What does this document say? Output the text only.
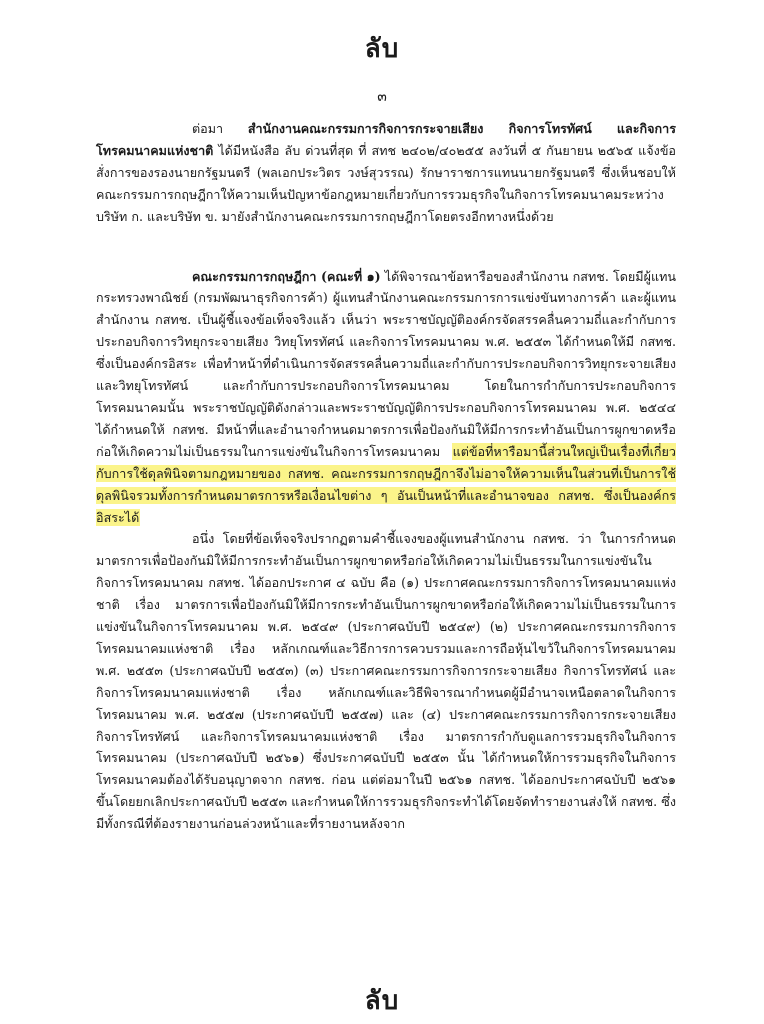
ลับ
๓

ต่อมา สำนักงานคณะกรรมการกิจการกระจายเสียง กิจการโทรทัศน์ และกิจการโทรคมนาคมแห่งชาติ ได้มีหนังสือ ลับ ด่วนที่สุด ที่ สทช ๒๔๐๒/๔๐๒๕๕ ลงวันที่ ๕ กันยายน ๒๕๖๕ แจ้งข้อสั่งการของรองนายกรัฐมนตรี (พลเอกประวิตร วงษ์สุวรรณ) รักษาราชการแทนนายกรัฐมนตรี ซึ่งเห็นชอบให้คณะกรรมการกฤษฎีกาให้ความเห็นปัญหาข้อกฎหมายเกี่ยวกับการรวมธุรกิจในกิจการโทรคมนาคมระหว่างบริษัท ก. และบริษัท ข. มายังสำนักงานคณะกรรมการกฤษฎีกาโดยตรงอีกทางหนึ่งด้วย

คณะกรรมการกฤษฎีกา (คณะที่ ๑) ได้พิจารณาข้อหารือของสำนักงาน กสทช. โดยมีผู้แทนกระทรวงพาณิชย์ (กรมพัฒนาธุรกิจการค้า) ผู้แทนสำนักงานคณะกรรมการการแข่งขันทางการค้า และผู้แทนสำนักงาน กสทช. เป็นผู้ชี้แจงข้อเท็จจริงแล้ว เห็นว่า พระราชบัญญัติองค์กรจัดสรรคลื่นความถี่และกำกับการประกอบกิจการวิทยุกระจายเสียง วิทยุโทรทัศน์ และกิจการโทรคมนาคม พ.ศ. ๒๕๕๓ ได้กำหนดให้มี กสทช. ซึ่งเป็นองค์กรอิสระ เพื่อทำหน้าที่ดำเนินการจัดสรรคลื่นความถี่และกำกับการประกอบกิจการวิทยุกระจายเสียงและวิทยุโทรทัศน์ และกำกับการประกอบกิจการโทรคมนาคม โดยในการกำกับการประกอบกิจการโทรคมนาคมนั้น พระราชบัญญัติดังกล่าวและพระราชบัญญัติการประกอบกิจการโทรคมนาคม พ.ศ. ๒๕๔๔ ได้กำหนดให้ กสทช. มีหน้าที่และอำนาจกำหนดมาตรการเพื่อป้องกันมิให้มีการกระทำอันเป็นการผูกขาดหรือก่อให้เกิดความไม่เป็นธรรมในการแข่งขันในกิจการโทรคมนาคม แต่ข้อที่หารือมานี้ส่วนใหญ่เป็นเรื่องที่เกี่ยวกับการใช้ดุลพินิจตามกฎหมายของ กสทช. คณะกรรมการกฤษฎีกาจึงไม่อาจให้ความเห็นในส่วนที่เป็นการใช้ดุลพินิจรวมทั้งการกำหนดมาตรการหรือเงื่อนไขต่าง ๆ อันเป็นหน้าที่และอำนาจของ กสทช. ซึ่งเป็นองค์กรอิสระได้

อนึ่ง โดยที่ข้อเท็จจริงปรากฏตามคำชี้แจงของผู้แทนสำนักงาน กสทช. ว่า ในการกำหนดมาตรการเพื่อป้องกันมิให้มีการกระทำอันเป็นการผูกขาดหรือก่อให้เกิดความไม่เป็นธรรมในการแข่งขันในกิจการโทรคมนาคม กสทช. ได้ออกประกาศ ๔ ฉบับ คือ (๑) ประกาศคณะกรรมการกิจการโทรคมนาคมแห่งชาติ เรื่อง มาตรการเพื่อป้องกันมิให้มีการกระทำอันเป็นการผูกขาดหรือก่อให้เกิดความไม่เป็นธรรมในการแข่งขันในกิจการโทรคมนาคม พ.ศ. ๒๕๔๙ (ประกาศฉบับปี ๒๕๔๙) (๒) ประกาศคณะกรรมการกิจการโทรคมนาคมแห่งชาติ เรื่อง หลักเกณฑ์และวิธีการการควบรวมและการถือหุ้นไขว้ในกิจการโทรคมนาคม พ.ศ. ๒๕๕๓ (ประกาศฉบับปี ๒๕๕๓) (๓) ประกาศคณะกรรมการกิจการกระจายเสียง กิจการโทรทัศน์ และกิจการโทรคมนาคมแห่งชาติ เรื่อง หลักเกณฑ์และวิธีพิจารณากำหนดผู้มีอำนาจเหนือตลาดในกิจการโทรคมนาคม พ.ศ. ๒๕๕๗ (ประกาศฉบับปี ๒๕๕๗) และ (๔) ประกาศคณะกรรมการกิจการกระจายเสียง กิจการโทรทัศน์ และกิจการโทรคมนาคมแห่งชาติ เรื่อง มาตรการกำกับดูแลการรวมธุรกิจในกิจการโทรคมนาคม (ประกาศฉบับปี ๒๕๖๑) ซึ่งประกาศฉบับปี ๒๕๕๓ นั้น ได้กำหนดให้การรวมธุรกิจในกิจการโทรคมนาคมต้องได้รับอนุญาตจาก กสทช. ก่อน แต่ต่อมาในปี ๒๕๖๑ กสทช. ได้ออกประกาศฉบับปี ๒๕๖๑ ขึ้นโดยยกเลิกประกาศฉบับปี ๒๕๕๓ และกำหนดให้การรวมธุรกิจกระทำได้โดยจัดทำรายงานส่งให้ กสทช. ซึ่งมีทั้งกรณีที่ต้องรายงานก่อนล่วงหน้าและที่รายงานหลังจาก

ลับ
